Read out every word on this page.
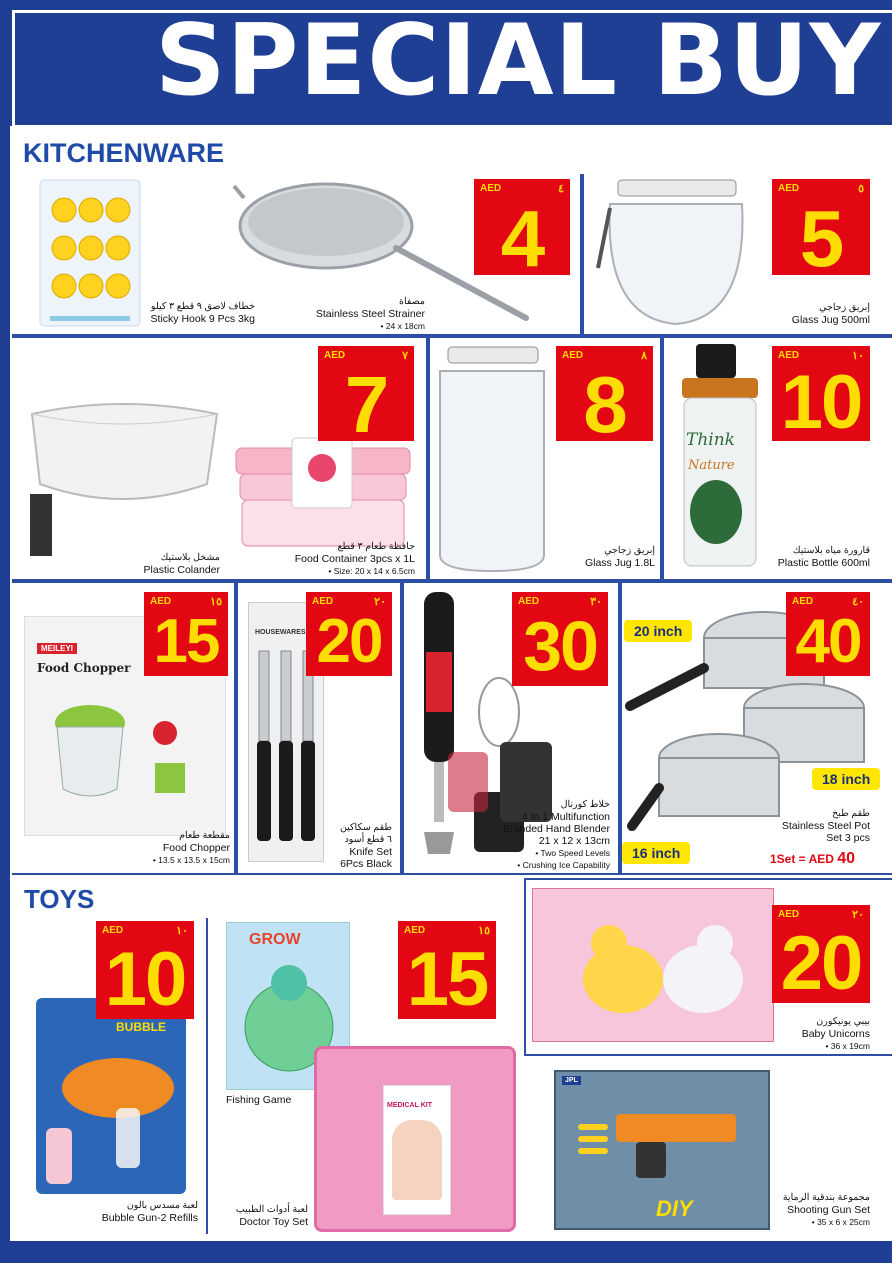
SPECIAL BUY
KITCHENWARE
خطاف لاصق ٩ قطع ٣ كيلو
Sticky Hook 9 Pcs 3kg
مصفاة
Stainless Steel Strainer
• 24 x 18cm
AED	٤
4
إبريق زجاجي
Glass Jug 500ml
AED	٥
5
مشخل بلاستيك
Plastic Colander
حافظة طعام ٣ قطع
Food Container 3pcs x 1L
• Size: 20 x 14 x 6.5cm
AED	٧
7
إبريق زجاجي
Glass Jug 1.8L
AED	٨
8	Think
Nature
قارورة مياه بلاستيك
Plastic Bottle 600ml
AED	١٠
10
MEILEYI
Food Chopper
مقطعة طعام
Food Chopper
• 13.5 x 13.5 x 15cm
AED	١٥
15	HOUSEWARES
طقم سكاكين
٦ قطع أسود
Knife Set
6Pcs Black
AED	٢٠
20
خلاط كورنال
4 In 1 Multifunction
Branded Hand Blender
21 x 12 x 13cm
• Two Speed Levels
• Crushing Ice Capability
AED	٣٠
30	20 inch
18 inch
16 inch
طقم طبخ
Stainless Steel Pot
Set 3 pcs
1Set = AED 40
AED	٤٠
40
TOYS
BUBBLE
لعبة مسدس بالون
Bubble Gun-2 Refills
AED	١٠
10	GROW
Fishing Game	MEDICAL KIT
لعبة أدوات الطبيب
Doctor Toy Set
AED	١٥
15	بيبي يونيكورن
Baby Unicorns
• 36 x 19cm
AED	٢٠
20
JPL
DIY	مجموعة بندقية الرماية
Shooting Gun Set
• 35 x 6 x 25cm
